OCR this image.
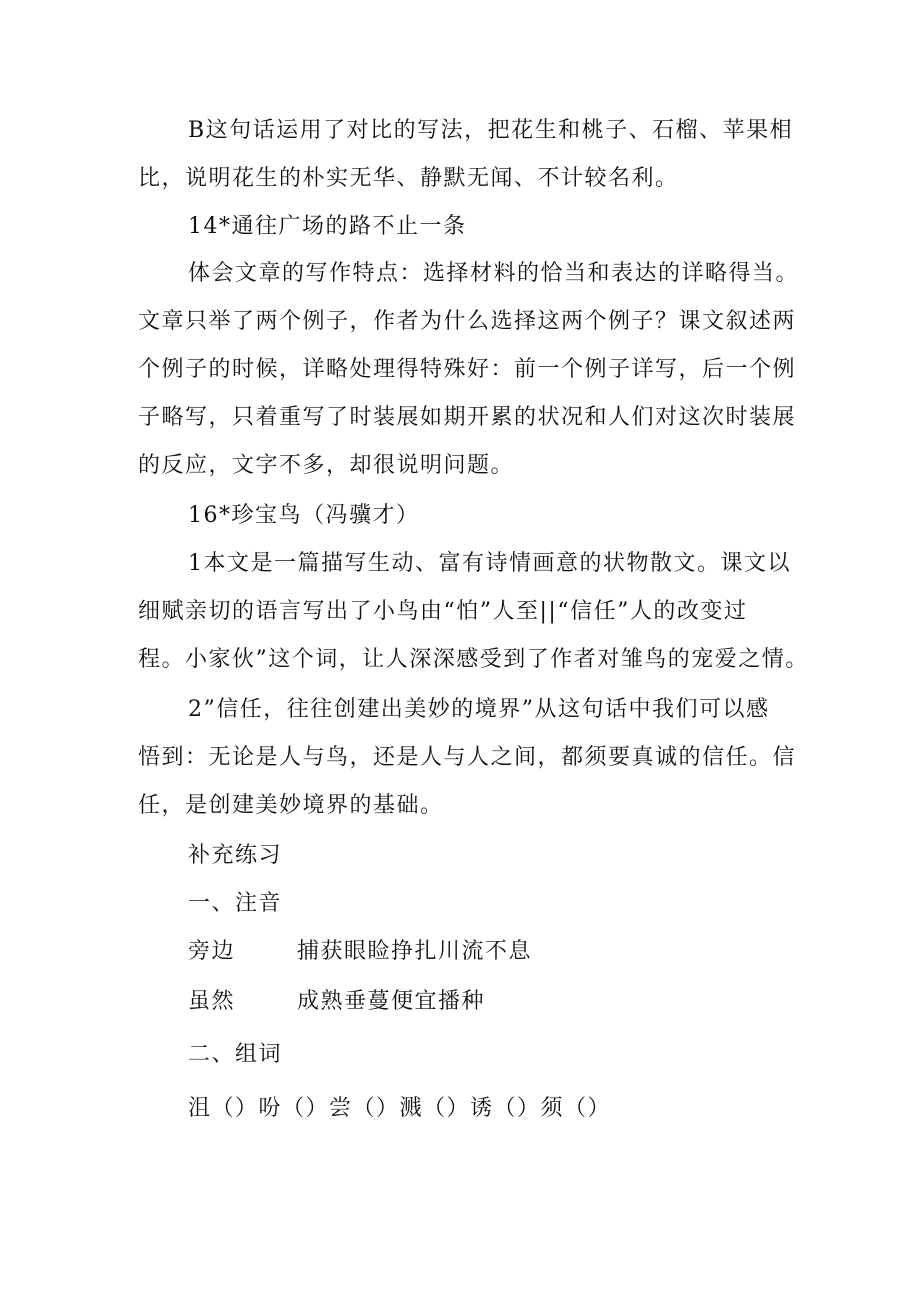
B这句话运用了对比的写法，把花生和桃子、石榴、苹果相
比，说明花生的朴实无华、静默无闻、不计较名利。
14*通往广场的路不止一条
体会文章的写作特点：选择材料的恰当和表达的详略得当。
文章只举了两个例子，作者为什么选择这两个例子？课文叙述两
个例子的时候，详略处理得特殊好：前一个例子详写，后一个例
子略写，只着重写了时装展如期开累的状况和人们对这次时装展
的反应，文字不多，却很说明问题。
16*珍宝鸟（冯骥才）
1本文是一篇描写生动、富有诗情画意的状物散文。课文以
细赋亲切的语言写出了小鸟由“怕”人至||“信任”人的改变过
程。小家伙”这个词，让人深深感受到了作者对雏鸟的宠爱之情。
2”信任，往往创建出美妙的境界”从这句话中我们可以感
悟到：无论是人与鸟，还是人与人之间，都须要真诚的信任。信
任，是创建美妙境界的基础。
补充练习
一、注音
旁边	捕获眼睑挣扎川流不息
虽然	成熟垂蔓便宜播种
二、组词
沮（）吩（）尝（）溅（）诱（）须（）
